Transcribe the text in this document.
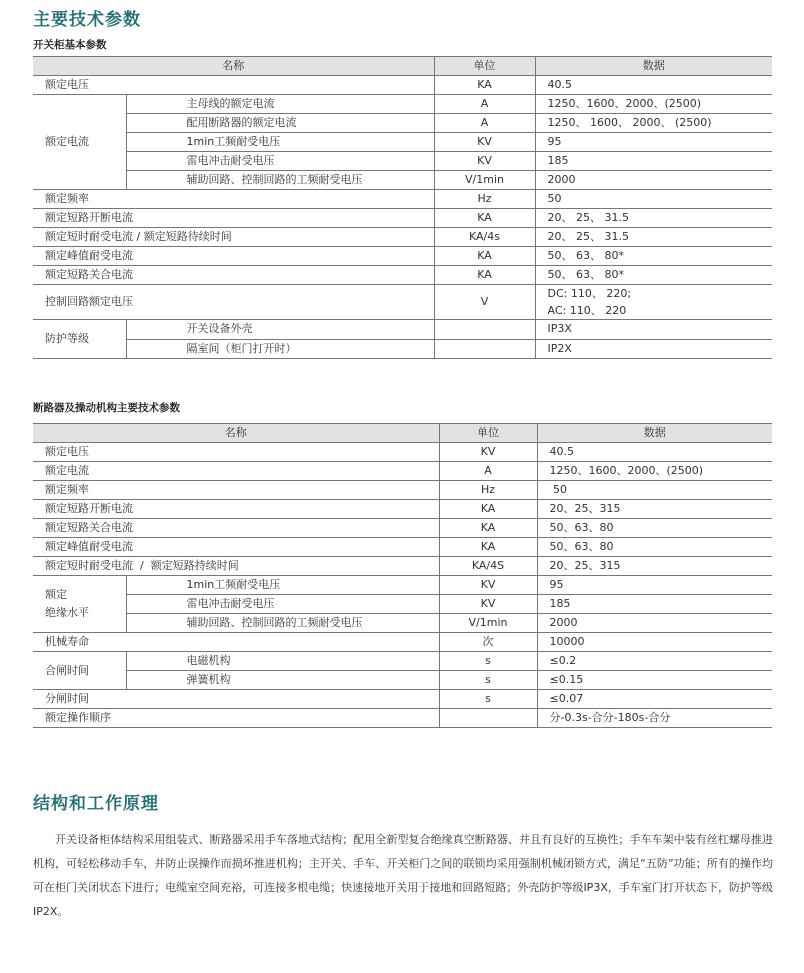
主要技术参数
开关柜基本参数
名称		单位	数据
额定电压		KA	40.5
额定电流	主母线的额定电流	A	1250、1600、2000、(2500)
	配用断路器的额定电流	A	1250、 1600、 2000、 (2500)
	1min工频耐受电压	KV	95
	雷电冲击耐受电压	KV	185
	辅助回路、控制回路的工频耐受电压	V/1min	2000
额定频率		Hz	50
额定短路开断电流		KA	20、 25、 31.5
额定短时耐受电流 / 额定短路待续时间		KA/4s	20、 25、 31.5
额定峰值耐受电流		KA	50、 63、 80*
额定短路关合电流		KA	50、 63、 80*
控制回路额定电压		V	DC: 110、 220;
AC: 110、 220

防护等级	开关设备外壳		IP3X
	隔室间（柜门打开时）		IP2X
断路器及操动机构主要技术参数
名称		单位	数据
额定电压		KV	40.5
额定电流		A	1250、1600、2000、(2500)
额定频率		Hz	50
额定短路开断电流		KA	20、25、315
额定短路关合电流		KA	50、63、80
额定峰值耐受电流		KA	50、63、80
额定短时耐受电流  /  额定短路持续时间		KA/4S	20、25、315

额定
绝缘水平	1min工频耐受电压	KV	95
	雷电冲击耐受电压	KV	185
	辅助回路、控制回路的工频耐受电压	V/1min	2000
机械寿命		次	10000
合闸时间	电磁机构	s	≤0.2
	弹簧机构	s	≤0.15
分闸时间		s	≤0.07
额定操作顺序			分-0.3s-合分-180s-合分
结构和工作原理
开关设备柜体结构采用组装式、断路器采用手车落地式结构；配用全新型复合绝缘真空断路器、并且有良好的互换性；手车车架中装有丝杠螺母推进机构，可轻松移动手车，并防止误操作而损坏推进机构；主开关、手车、开关柜门之间的联锁均采用强制机械闭锁方式，满足“五防”功能；所有的操作均可在柜门关闭状态下进行；电缆室空间充裕，可连接多根电缆；快速接地开关用于接地和回路短路；外壳防护等级IP3X，手车室门打开状态下，防护等级IP2X。
